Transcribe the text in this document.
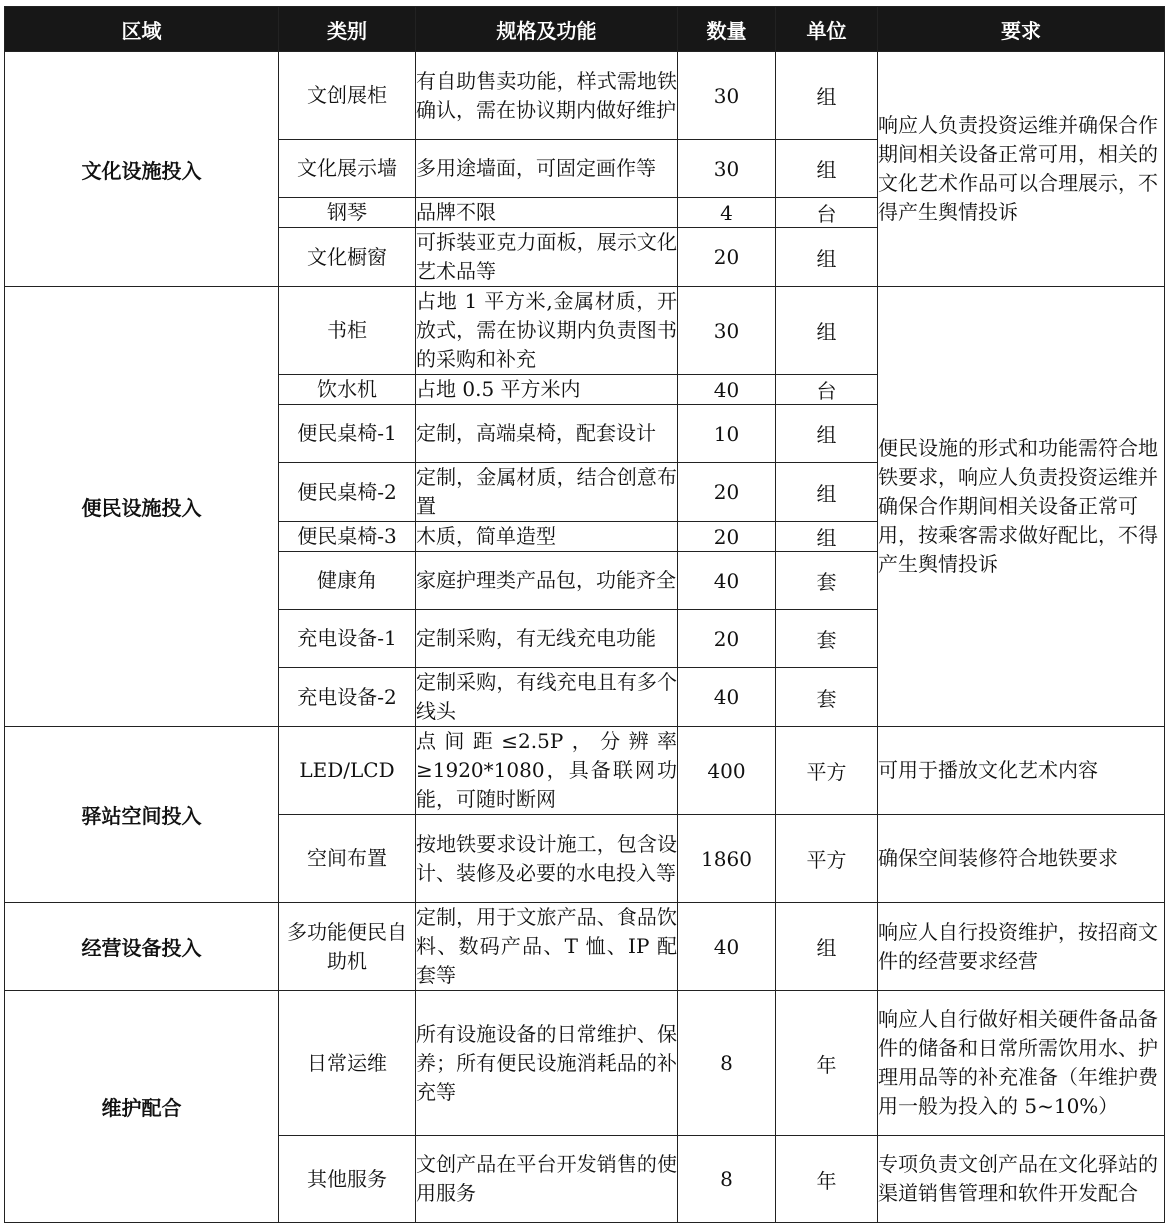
区域	类别	规格及功能	数量	单位	要求
文化设施投入	文创展柜	有自助售卖功能，样式需地铁确认，需在协议期内做好维护	30	组	响应人负责投资运维并确保合作期间相关设备正常可用，相关的文化艺术作品可以合理展示，不得产生舆情投诉
	文化展示墙	多用途墙面，可固定画作等	30	组	
	钢琴	品牌不限	4	台	
	文化橱窗	可拆装亚克力面板，展示文化艺术品等	20	组	
便民设施投入	书柜	占地 1 平方米,金属材质，开放式，需在协议期内负责图书的采购和补充	30	组	便民设施的形式和功能需符合地铁要求，响应人负责投资运维并确保合作期间相关设备正常可用，按乘客需求做好配比，不得产生舆情投诉
	饮水机	占地 0.5 平方米内	40	台	
	便民桌椅-1	定制，高端桌椅，配套设计	10	组	
	便民桌椅-2	定制，金属材质，结合创意布置	20	组	
	便民桌椅-3	木质，简单造型	20	组	
	健康角	家庭护理类产品包，功能齐全	40	套	
	充电设备-1	定制采购，有无线充电功能	20	套	
	充电设备-2	定制采购，有线充电且有多个线头	40	套	
驿站空间投入	LED/LCD	点间距≤2.5P，分辨率≥1920*1080，具备联网功能，可随时断网	400	平方	可用于播放文化艺术内容
	空间布置	按地铁要求设计施工，包含设计、装修及必要的水电投入等	1860	平方	确保空间装修符合地铁要求
经营设备投入	多功能便民自助机	定制，用于文旅产品、食品饮料、数码产品、T 恤、IP 配套等	40	组	响应人自行投资维护，按招商文件的经营要求经营
维护配合	日常运维	所有设施设备的日常维护、保养；所有便民设施消耗品的补充等	8	年	响应人自行做好相关硬件备品备件的储备和日常所需饮用水、护理用品等的补充准备（年维护费用一般为投入的 5~10%）
	其他服务	文创产品在平台开发销售的使用服务	8	年	专项负责文创产品在文化驿站的渠道销售管理和软件开发配合
